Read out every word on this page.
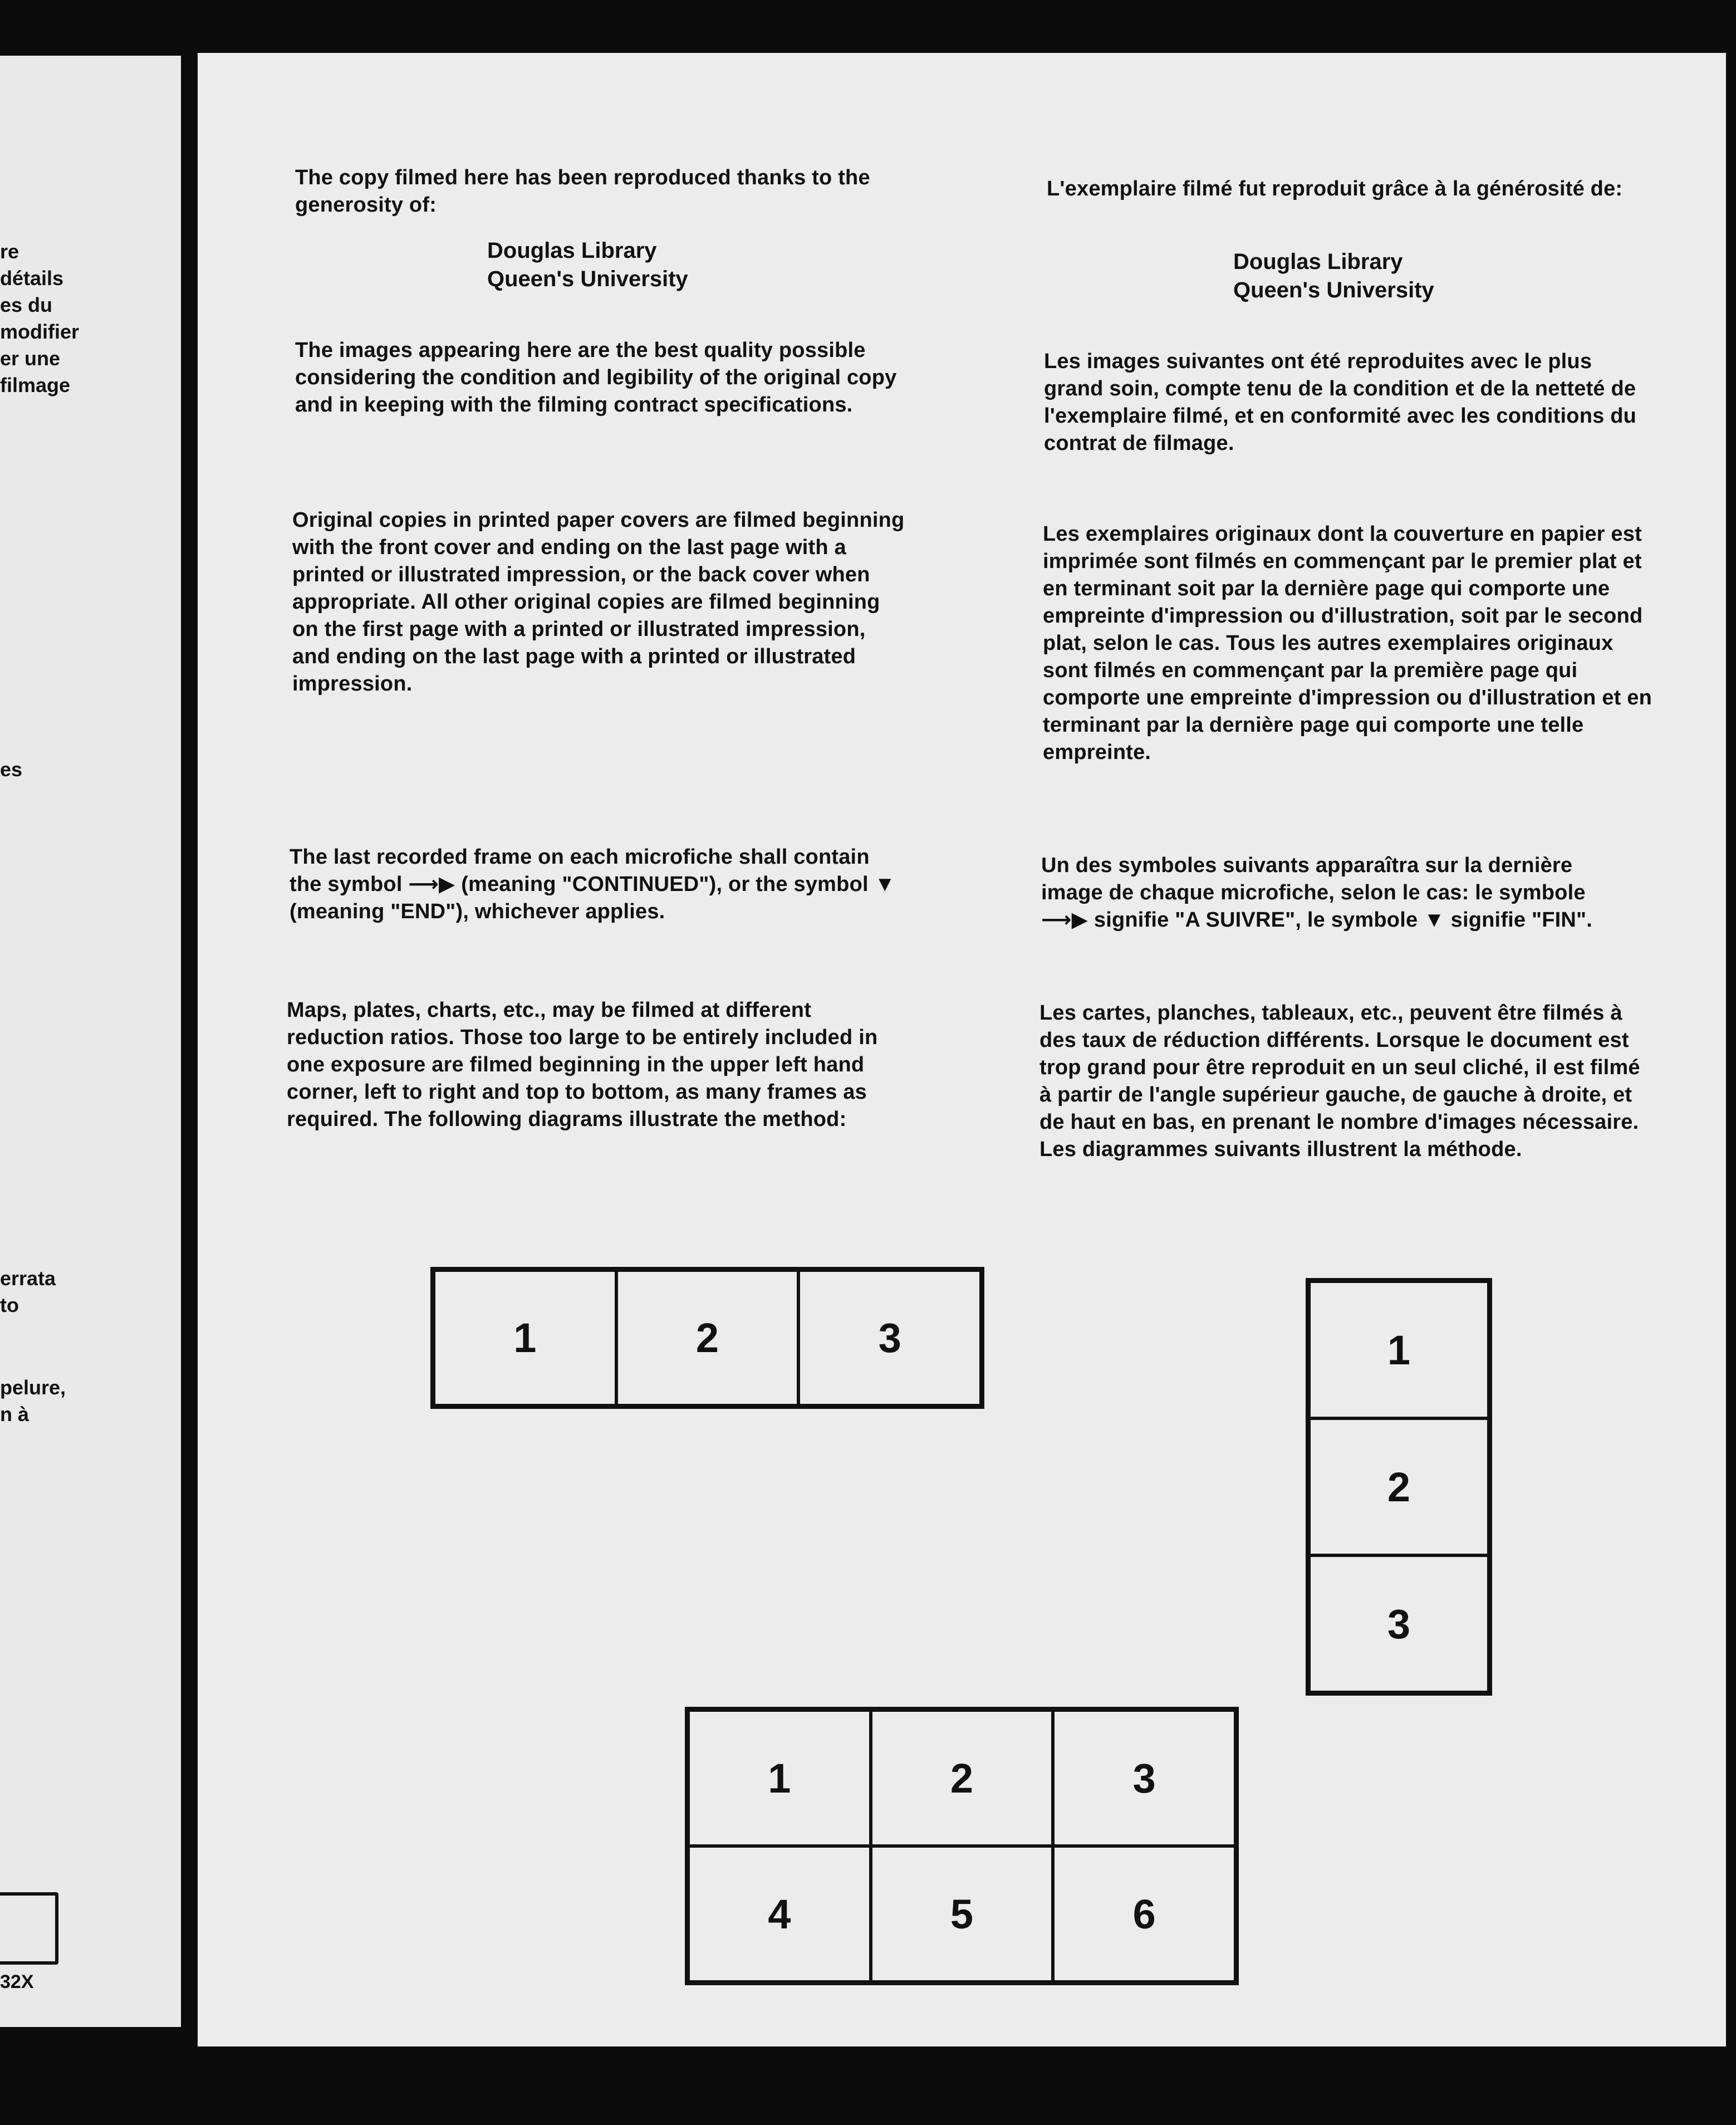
re
détails
es du
modifier
er une
filmage
es
errata
to
pelure,
n à
32X

The copy filmed here has been reproduced thanks to the generosity of:

Douglas Library
Queen's University

The images appearing here are the best quality possible considering the condition and legibility of the original copy and in keeping with the filming contract specifications.

Original copies in printed paper covers are filmed beginning with the front cover and ending on the last page with a printed or illustrated impression, or the back cover when appropriate. All other original copies are filmed beginning on the first page with a printed or illustrated impression, and ending on the last page with a printed or illustrated impression.

The last recorded frame on each microfiche shall contain the symbol ⟶▶ (meaning "CONTINUED"), or the symbol ▼ (meaning "END"), whichever applies.

Maps, plates, charts, etc., may be filmed at different reduction ratios. Those too large to be entirely included in one exposure are filmed beginning in the upper left hand corner, left to right and top to bottom, as many frames as required. The following diagrams illustrate the method:

L'exemplaire filmé fut reproduit grâce à la générosité de:

Douglas Library
Queen's University

Les images suivantes ont été reproduites avec le plus grand soin, compte tenu de la condition et de la netteté de l'exemplaire filmé, et en conformité avec les conditions du contrat de filmage.

Les exemplaires originaux dont la couverture en papier est imprimée sont filmés en commençant par le premier plat et en terminant soit par la dernière page qui comporte une empreinte d'impression ou d'illustration, soit par le second plat, selon le cas. Tous les autres exemplaires originaux sont filmés en commençant par la première page qui comporte une empreinte d'impression ou d'illustration et en terminant par la dernière page qui comporte une telle empreinte.

Un des symboles suivants apparaîtra sur la dernière image de chaque microfiche, selon le cas: le symbole ⟶▶ signifie "A SUIVRE", le symbole ▼ signifie "FIN".

Les cartes, planches, tableaux, etc., peuvent être filmés à des taux de réduction différents. Lorsque le document est trop grand pour être reproduit en un seul cliché, il est filmé à partir de l'angle supérieur gauche, de gauche à droite, et de haut en bas, en prenant le nombre d'images nécessaire. Les diagrammes suivants illustrent la méthode.

1	2	3	1
2
3
1	2	3
4	5	6
